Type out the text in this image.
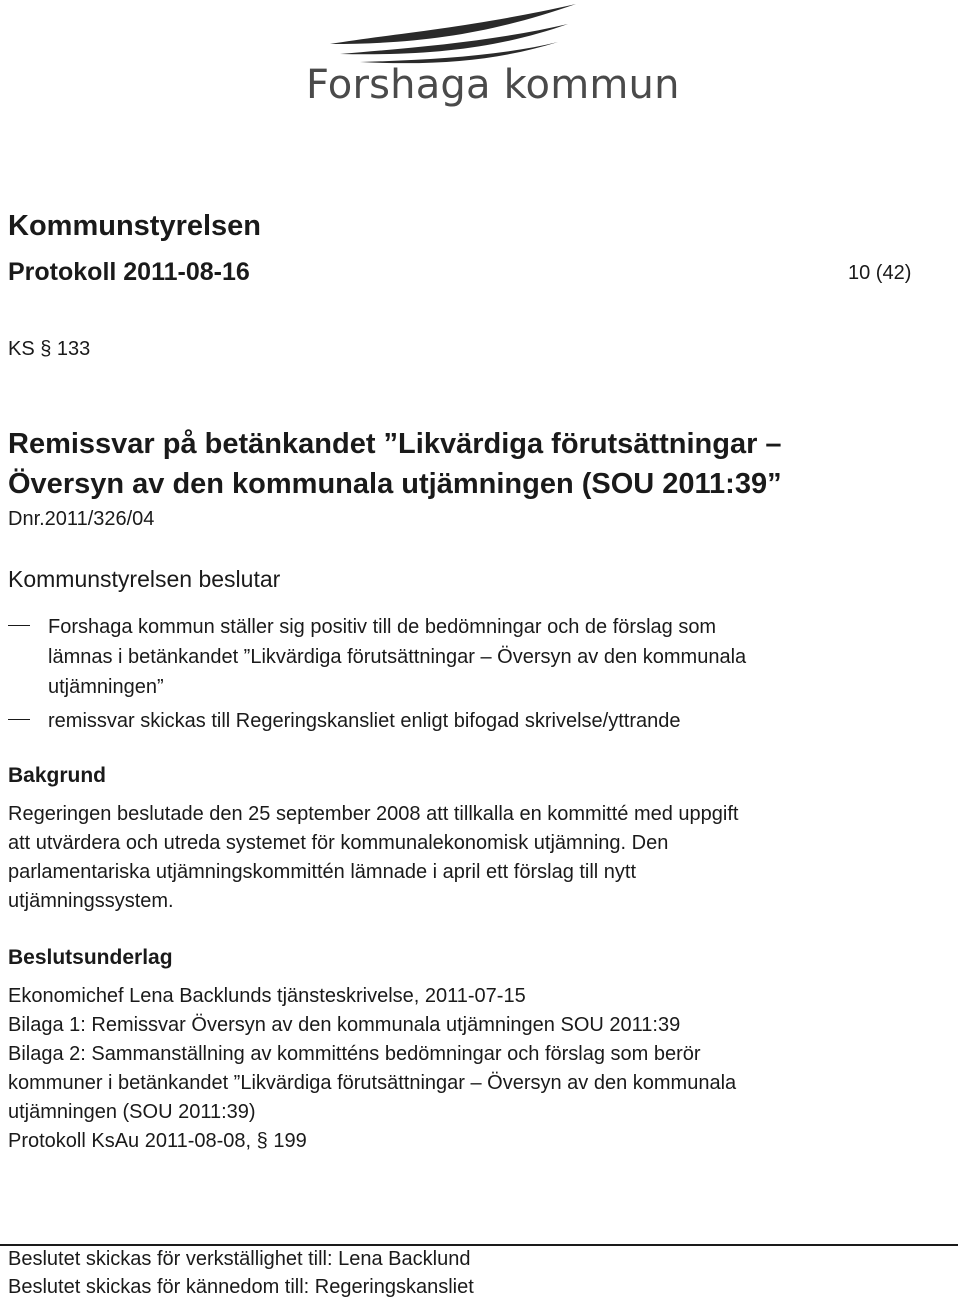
Forshaga kommun
Kommunstyrelsen
Protokoll 2011-08-16	10 (42)
KS § 133
Remissvar på betänkandet ”Likvärdiga förutsättningar –
Översyn av den kommunala utjämningen (SOU 2011:39”
Dnr.2011/326/04
Kommunstyrelsen beslutar
Forshaga kommun ställer sig positiv till de bedömningar och de förslag som
lämnas i betänkandet ”Likvärdiga förutsättningar – Översyn av den kommunala
utjämningen”
remissvar skickas till Regeringskansliet enligt bifogad skrivelse/yttrande
Bakgrund
Regeringen beslutade den 25 september 2008 att tillkalla en kommitté med uppgift
att utvärdera och utreda systemet för kommunalekonomisk utjämning. Den
parlamentariska utjämningskommittén lämnade i april ett förslag till nytt
utjämningssystem.
Beslutsunderlag
Ekonomichef Lena Backlunds tjänsteskrivelse, 2011-07-15
Bilaga 1: Remissvar Översyn av den kommunala utjämningen SOU 2011:39
Bilaga 2: Sammanställning av kommitténs bedömningar och förslag som berör
kommuner i betänkandet ”Likvärdiga förutsättningar – Översyn av den kommunala
utjämningen (SOU 2011:39)
Protokoll KsAu 2011-08-08, § 199
Beslutet skickas för verkställighet till: Lena Backlund
Beslutet skickas för kännedom till: Regeringskansliet
